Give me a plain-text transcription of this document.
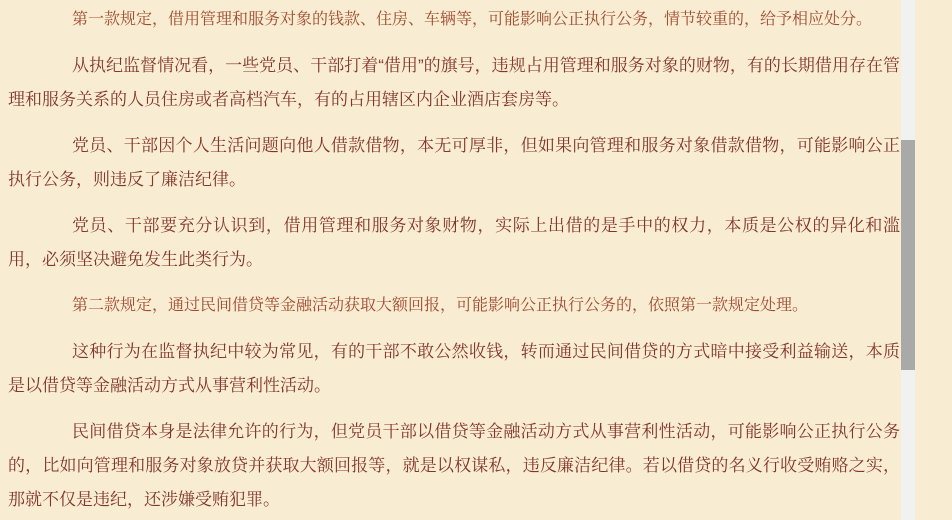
第一款规定，借用管理和服务对象的钱款、住房、车辆等，可能影响公正执行公务，情节较重的，给予相应处分。

从执纪监督情况看，一些党员、干部打着“借用”的旗号，违规占用管理和服务对象的财物，有的长期借用存在管理和服务关系的人员住房或者高档汽车，有的占用辖区内企业酒店套房等。

党员、干部因个人生活问题向他人借款借物，本无可厚非，但如果向管理和服务对象借款借物，可能影响公正执行公务，则违反了廉洁纪律。

党员、干部要充分认识到，借用管理和服务对象财物，实际上出借的是手中的权力，本质是公权的异化和滥用，必须坚决避免发生此类行为。

第二款规定，通过民间借贷等金融活动获取大额回报，可能影响公正执行公务的，依照第一款规定处理。

这种行为在监督执纪中较为常见，有的干部不敢公然收钱，转而通过民间借贷的方式暗中接受利益输送，本质是以借贷等金融活动方式从事营利性活动。

民间借贷本身是法律允许的行为，但党员干部以借贷等金融活动方式从事营利性活动，可能影响公正执行公务的，比如向管理和服务对象放贷并获取大额回报等，就是以权谋私，违反廉洁纪律。若以借贷的名义行收受贿赂之实，那就不仅是违纪，还涉嫌受贿犯罪。
